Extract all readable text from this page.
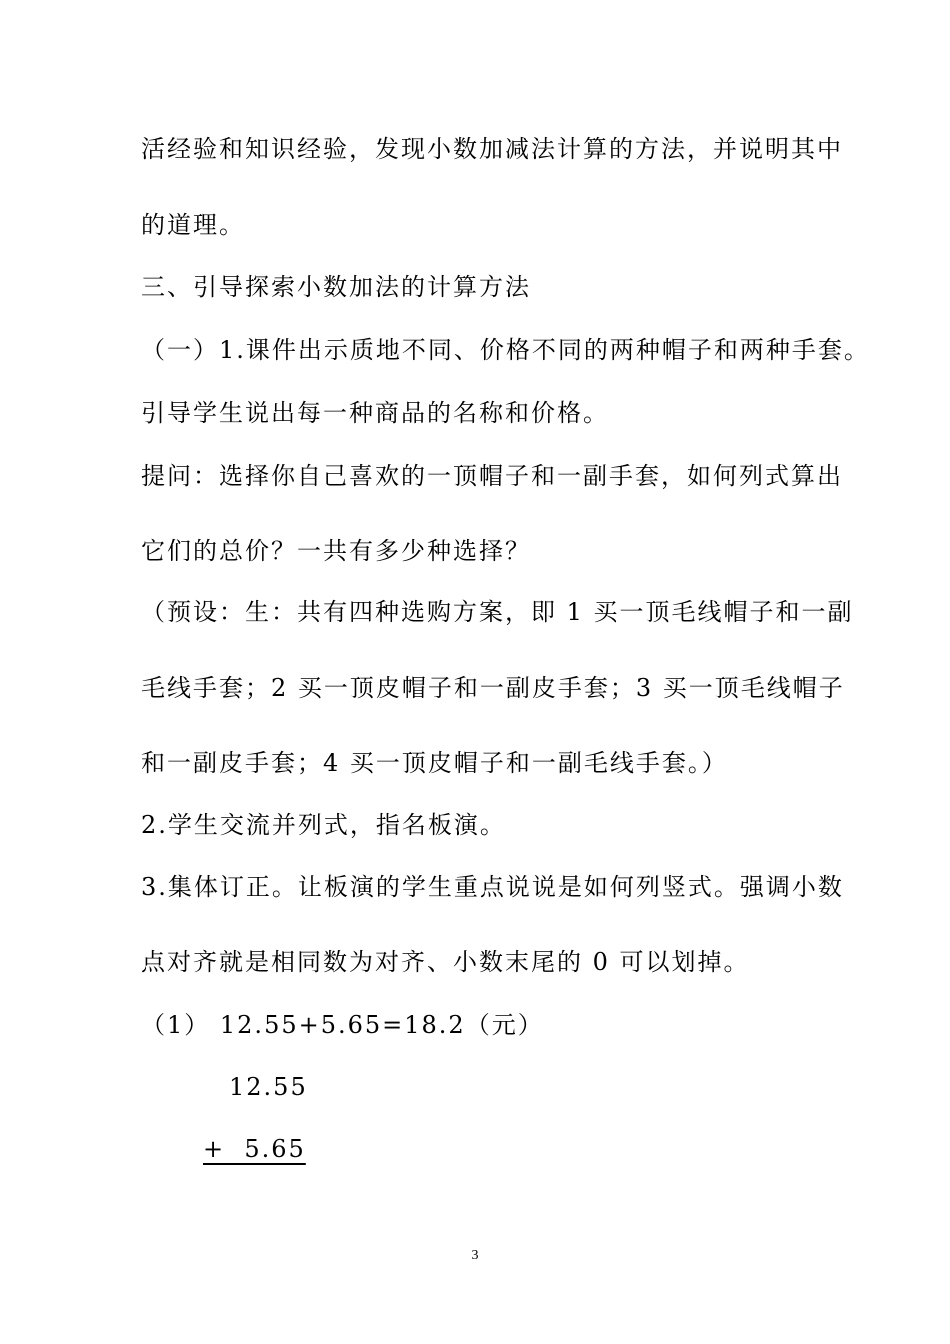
活经验和知识经验，发现小数加减法计算的方法，并说明其中
的道理。
三、引导探索小数加法的计算方法
（一）1.课件出示质地不同、价格不同的两种帽子和两种手套。
引导学生说出每一种商品的名称和价格。
提问：选择你自己喜欢的一顶帽子和一副手套，如何列式算出
它们的总价？一共有多少种选择？
（预设：生：共有四种选购方案，即 1 买一顶毛线帽子和一副
毛线手套；2 买一顶皮帽子和一副皮手套；3 买一顶毛线帽子
和一副皮手套；4 买一顶皮帽子和一副毛线手套。）
2.学生交流并列式，指名板演。
3.集体订正。让板演的学生重点说说是如何列竖式。强调小数
点对齐就是相同数为对齐、小数末尾的 0 可以划掉。
（1） 12.55+5.65=18.2（元）
12.55
+  5.65
3
